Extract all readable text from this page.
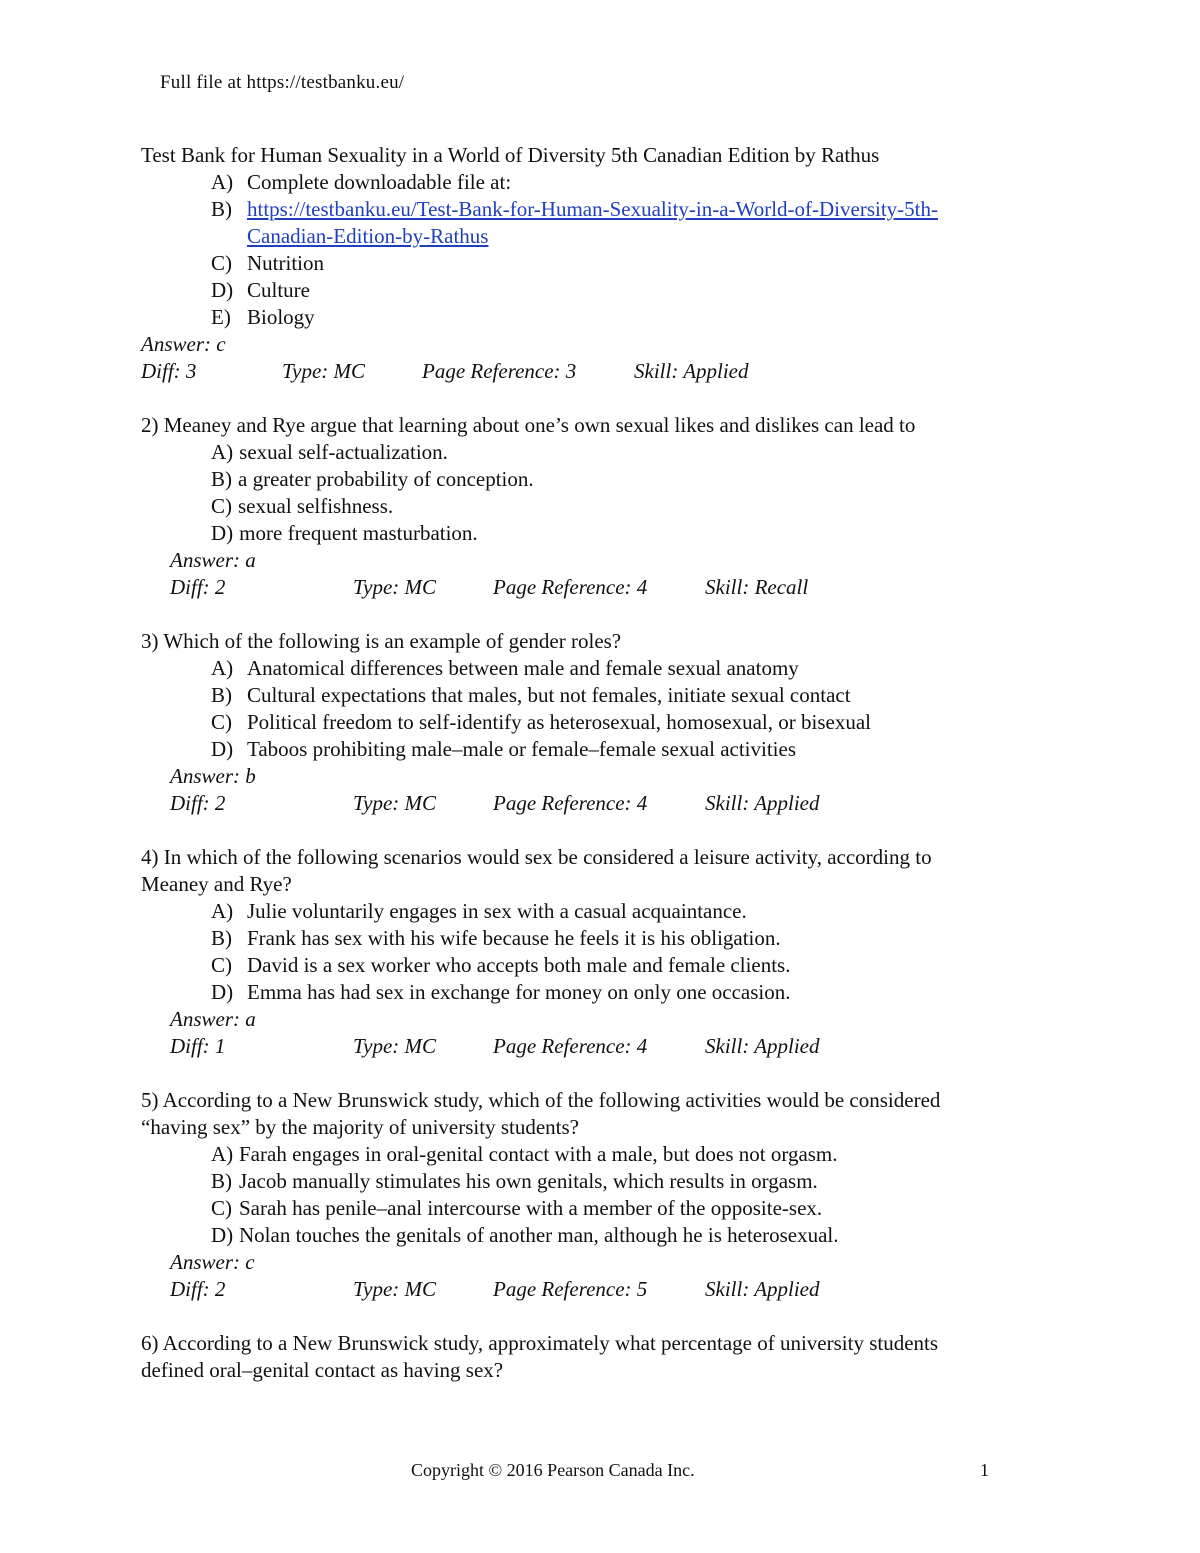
Full file at https://testbanku.eu/
Test Bank for Human Sexuality in a World of Diversity 5th Canadian Edition by Rathus
A) Complete downloadable file at:
B) https://testbanku.eu/Test-Bank-for-Human-Sexuality-in-a-World-of-Diversity-5th-
Canadian-Edition-by-Rathus
C) Nutrition
D) Culture
E) Biology
Answer: c
Diff: 3	Type: MC	Page Reference: 3	Skill: Applied
2) Meaney and Rye argue that learning about one’s own sexual likes and dislikes can lead to
A) sexual self-actualization.
B) a greater probability of conception.
C) sexual selfishness.
D) more frequent masturbation.
Answer: a
Diff: 2	Type: MC	Page Reference: 4	Skill: Recall
3) Which of the following is an example of gender roles?
A) Anatomical differences between male and female sexual anatomy
B) Cultural expectations that males, but not females, initiate sexual contact
C) Political freedom to self-identify as heterosexual, homosexual, or bisexual
D) Taboos prohibiting male–male or female–female sexual activities
Answer: b
Diff: 2	Type: MC	Page Reference: 4	Skill: Applied
4) In which of the following scenarios would sex be considered a leisure activity, according to
Meaney and Rye?
A) Julie voluntarily engages in sex with a casual acquaintance.
B) Frank has sex with his wife because he feels it is his obligation.
C) David is a sex worker who accepts both male and female clients.
D) Emma has had sex in exchange for money on only one occasion.
Answer: a
Diff: 1	Type: MC	Page Reference: 4	Skill: Applied
5) According to a New Brunswick study, which of the following activities would be considered
“having sex” by the majority of university students?
A) Farah engages in oral-genital contact with a male, but does not orgasm.
B) Jacob manually stimulates his own genitals, which results in orgasm.
C) Sarah has penile–anal intercourse with a member of the opposite-sex.
D) Nolan touches the genitals of another man, although he is heterosexual.
Answer: c
Diff: 2	Type: MC	Page Reference: 5	Skill: Applied
6) According to a New Brunswick study, approximately what percentage of university students
defined oral–genital contact as having sex?
Copyright © 2016 Pearson Canada Inc.	1
